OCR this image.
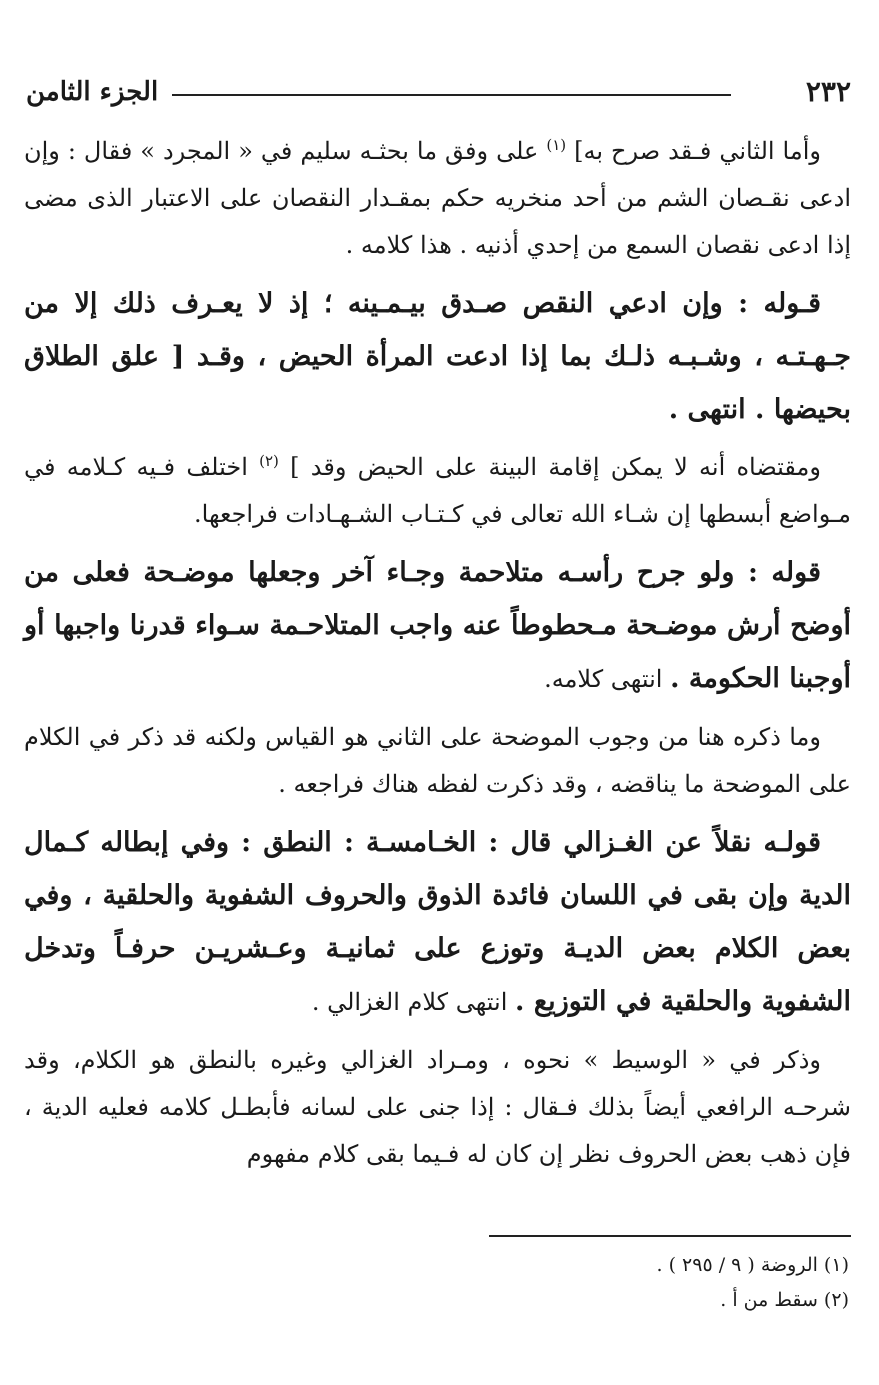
٢٣٢
الجزء الثامن

وأما الثاني فـقد صرح به] $^{(١)}$ على وفق ما بحثـه سليم في « المجرد » فقال : وإن ادعى نقـصان الشم من أحد منخريه حكم بمقـدار النقصان على الاعتبار الذى مضى إذا ادعى نقصان السمع من إحدي أذنيه . هذا كلامه .

قـوله : وإن ادعي النقص صـدق بيـمـينه ؛ إذ لا يعـرف ذلك إلا من جـهـتـه ، وشـبـه ذلـك بما إذا ادعت المرأة الحيض ، وقـد [ علق الطلاق بحيضها . انتهى .

ومقتضاه أنه لا يمكن إقامة البينة على الحيض وقد ] $^{(٢)}$ اختلف فـيه كـلامه في مـواضع أبسطها إن شـاء الله تعالى في كـتـاب الشـهـادات فراجعها.

قوله : ولو جرح رأسـه متلاحمة وجـاء آخر وجعلها موضـحة فعلى من أوضح أرش موضـحة مـحطوطاً عنه واجب المتلاحـمة سـواء قدرنا واجبها أو أوجبنا الحكومة . انتهى كلامه.

وما ذكره هنا من وجوب الموضحة على الثاني هو القياس ولكنه قد ذكر في الكلام على الموضحة ما يناقضه ، وقد ذكرت لفظه هناك فراجعه .

قولـه نقلاً عن الغـزالي قال : الخـامسـة : النطق : وفي إبطاله كـمال الدية وإن بقى في اللسان فائدة الذوق والحروف الشفوية والحلقية ، وفي بعض الكلام بعض الديـة وتوزع على ثمانيـة وعـشريـن حرفـاً وتدخل الشفوية والحلقية في التوزيع . انتهى كلام الغزالي .

وذكر في « الوسيط » نحوه ، ومـراد الغزالي وغيره بالنطق هو الكلام، وقد شرحـه الرافعي أيضاً بذلك فـقال : إذا جنى على لسانه فأبطـل كلامه فعليه الدية ، فإن ذهب بعض الحروف نظر إن كان له فـيما بقى كلام مفهوم

(١) الروضة ( ٩ / ٢٩٥ ) .

(٢) سقط من أ .
